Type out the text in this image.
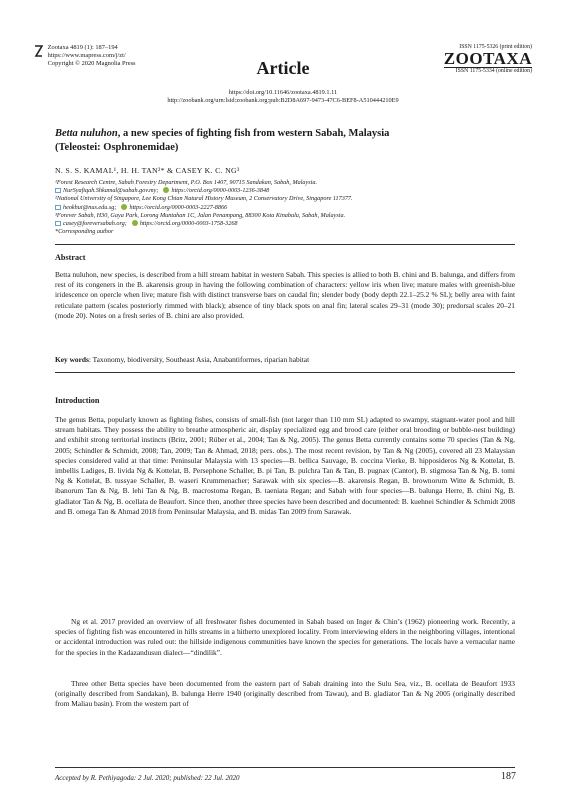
Zootaxa 4819 (1): 187–194
https://www.mapress.com/j/zt/
Copyright © 2020 Magnolia Press	Article
ISSN 1175-5326 (print edition)
ZOOTAXA
ISSN 1175-5334 (online edition)
https://doi.org/10.11646/zootaxa.4819.1.11
http://zoobank.org/urn:lsid:zoobank.org:pub:B2D8A697-9473-47C6-BEF8-A510444210E9
Betta nuluhon, a new species of fighting fish from western Sabah, Malaysia
(Teleostei: Osphronemidae)
N. S. S. KAMAL¹, H. H. TAN²* & CASEY K. C. NG³
¹Forest Research Centre, Sabah Forestry Department, P.O. Box 1407, 90715 Sandakan, Sabah, Malaysia.
NurSyafiqah.Shkamal@sabah.gov.my; https://orcid.org/0000-0003-1236-3848
²National University of Singapore, Lee Kong Chian Natural History Museum, 2 Conservatory Drive, Singapore 117377.
heokhui@nus.edu.sg; https://orcid.org/0000-0003-2227-8866
³Forever Sabah, H30, Gaya Park, Lorong Muntahan 1C, Jalan Penampang, 88300 Kota Kinabalu, Sabah, Malaysia.
casey@foreversabah.org; https://orcid.org/0000-0003-1758-3268
*Corresponding author
Abstract
Betta nuluhon, new species, is described from a hill stream habitat in western Sabah. This species is allied to both B. chini and B. balunga, and differs from rest of its congeners in the B. akarensis group in having the following combination of characters: yellow iris when live; mature males with greenish-blue iridescence on opercle when live; mature fish with distinct transverse bars on caudal fin; slender body (body depth 22.1–25.2 % SL); belly area with faint reticulate pattern (scales posteriorly rimmed with black); absence of tiny black spots on anal fin; lateral scales 29–31 (mode 30); predorsal scales 20–21 (mode 20). Notes on a fresh series of B. chini are also provided.
Key words: Taxonomy, biodiversity, Southeast Asia, Anabantiformes, riparian habitat
Introduction
The genus Betta, popularly known as fighting fishes, consists of small-fish (not larger than 110 mm SL) adapted to swampy, stagnant-water pool and hill stream habitats. They possess the ability to breathe atmospheric air, display specialized egg and brood care (either oral brooding or bubble-nest building) and exhibit strong territorial instincts (Britz, 2001; Rüber et al., 2004; Tan & Ng, 2005). The genus Betta currently contains some 70 species (Tan & Ng, 2005; Schindler & Schmidt, 2008; Tan, 2009; Tan & Ahmad, 2018; pers. obs.). The most recent revision, by Tan & Ng (2005), covered all 23 Malaysian species considered valid at that time: Peninsular Malaysia with 13 species—B. bellica Sauvage, B. coccina Vierke, B. hipposideros Ng & Kottelat, B. imbellis Ladiges, B. livida Ng & Kottelat, B. Persephone Schaller, B. pi Tan, B. pulchra Tan & Tan, B. pugnax (Cantor), B. stigmosa Tan & Ng, B. tomi Ng & Kottelat, B. tussyae Schaller, B. waseri Krummenacher; Sarawak with six species—B. akarensis Regan, B. brownorum Witte & Schmidt, B. ibanorum Tan & Ng, B. lehi Tan & Ng, B. macrostoma Regan, B. taeniata Regan; and Sabah with four species—B. balunga Herre, B. chini Ng, B. gladiator Tan & Ng, B. ocellata de Beaufort. Since then, another three species have been described and documented: B. kuehnei Schindler & Schmidt 2008 and B. omega Tan & Ahmad 2018 from Peninsular Malaysia, and B. midas Tan 2009 from Sarawak.
Ng et al. 2017 provided an overview of all freshwater fishes documented in Sabah based on Inger & Chin’s (1962) pioneering work. Recently, a species of fighting fish was encountered in hills streams in a hitherto unexplored locality. From interviewing elders in the neighboring villages, intentional or accidental introduction was ruled out: the hillside indigenous communities have known the species for generations. The locals have a vernacular name for the species in the Kadazandusun dialect—“dindilik”.
Three other Betta species have been documented from the eastern part of Sabah draining into the Sulu Sea, viz., B. ocellata de Beaufort 1933 (originally described from Sandakan), B. balunga Herre 1940 (originally described from Tawau), and B. gladiator Tan & Ng 2005 (originally described from Maliau basin). From the western part of
Accepted by R. Pethiyagoda: 2 Jul. 2020; published: 22 Jul. 2020	187
